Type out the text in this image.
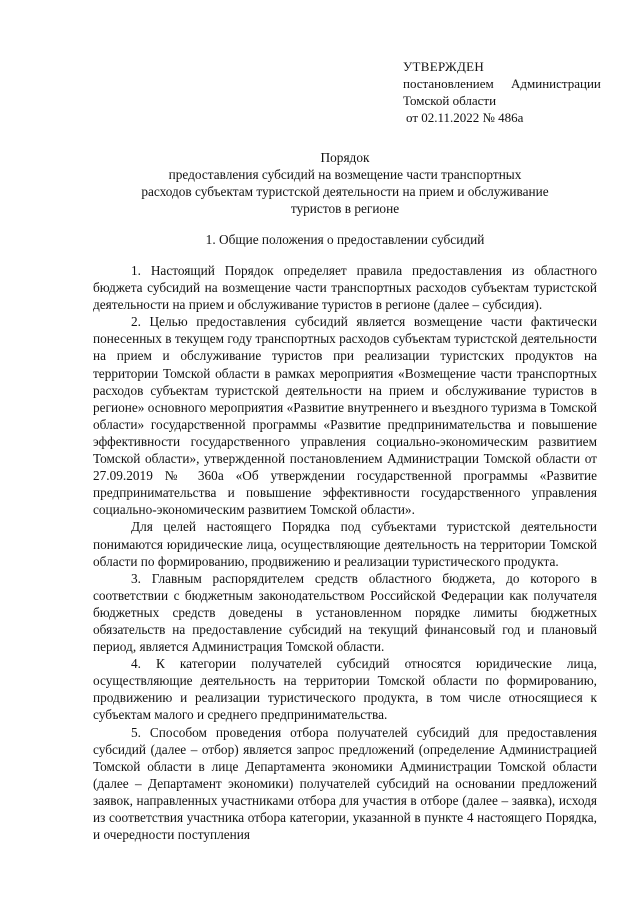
УТВЕРЖДЕН
постановлением Администрации
Томской области
от 02.11.2022 № 486а
Порядок
предоставления субсидий на возмещение части транспортных
расходов субъектам туристской деятельности на прием и обслуживание
туристов в регионе
1. Общие положения о предоставлении субсидий

1. Настоящий Порядок определяет правила предоставления из областного бюджета субсидий на возмещение части транспортных расходов субъектам туристской деятельности на прием и обслуживание туристов в регионе (далее – субсидия).

2. Целью предоставления субсидий является возмещение части фактически понесенных в текущем году транспортных расходов субъектам туристской деятельности на прием и обслуживание туристов при реализации туристских продуктов на территории Томской области в рамках мероприятия «Возмещение части транспортных расходов субъектам туристской деятельности на прием и обслуживание туристов в регионе» основного мероприятия «Развитие внутреннего и въездного туризма в Томской области» государственной программы «Развитие предпринимательства и повышение эффективности государственного управления социально-экономическим развитием Томской области», утвержденной постановлением Администрации Томской области от 27.09.2019 № 360а «Об утверждении государственной программы «Развитие предпринимательства и повышение эффективности государственного управления социально-экономическим развитием Томской области».

Для целей настоящего Порядка под субъектами туристской деятельности понимаются юридические лица, осуществляющие деятельность на территории Томской области по формированию, продвижению и реализации туристического продукта.

3. Главным распорядителем средств областного бюджета, до которого в соответствии с бюджетным законодательством Российской Федерации как получателя бюджетных средств доведены в установленном порядке лимиты бюджетных обязательств на предоставление субсидий на текущий финансовый год и плановый период, является Администрация Томской области.

4. К категории получателей субсидий относятся юридические лица, осуществляющие деятельность на территории Томской области по формированию, продвижению и реализации туристического продукта, в том числе относящиеся к субъектам малого и среднего предпринимательства.

5. Способом проведения отбора получателей субсидий для предоставления субсидий (далее – отбор) является запрос предложений (определение Администрацией Томской области в лице Департамента экономики Администрации Томской области (далее – Департамент экономики) получателей субсидий на основании предложений заявок, направленных участниками отбора для участия в отборе (далее – заявка), исходя из соответствия участника отбора категории, указанной в пункте 4 настоящего Порядка, и очередности поступления
